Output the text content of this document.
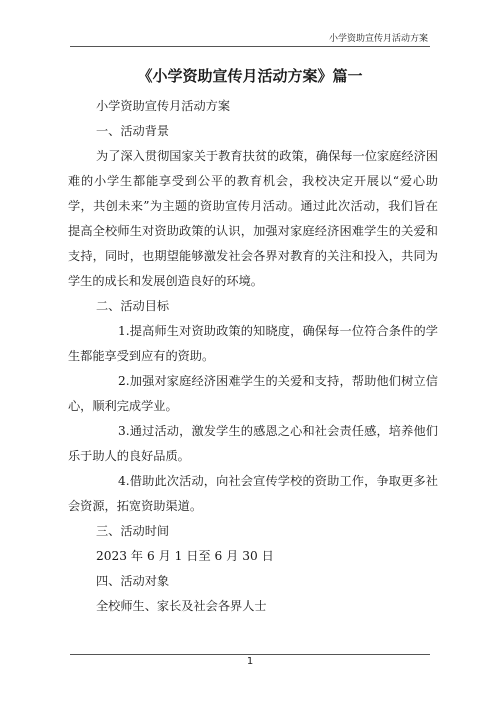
小学资助宣传月活动方案
《小学资助宣传月活动方案》篇一
小学资助宣传月活动方案
一、活动背景
为了深入贯彻国家关于教育扶贫的政策，确保每一位家庭经济困难的小学生都能享受到公平的教育机会，我校决定开展以“爱心助学，共创未来”为主题的资助宣传月活动。通过此次活动，我们旨在提高全校师生对资助政策的认识，加强对家庭经济困难学生的关爱和支持，同时，也期望能够激发社会各界对教育的关注和投入，共同为学生的成长和发展创造良好的环境。
二、活动目标
1.提高师生对资助政策的知晓度，确保每一位符合条件的学生都能享受到应有的资助。
2.加强对家庭经济困难学生的关爱和支持，帮助他们树立信心，顺利完成学业。
3.通过活动，激发学生的感恩之心和社会责任感，培养他们乐于助人的良好品质。
4.借助此次活动，向社会宣传学校的资助工作，争取更多社会资源，拓宽资助渠道。
三、活动时间
2023 年 6 月 1 日至 6 月 30 日
四、活动对象
全校师生、家长及社会各界人士
1
